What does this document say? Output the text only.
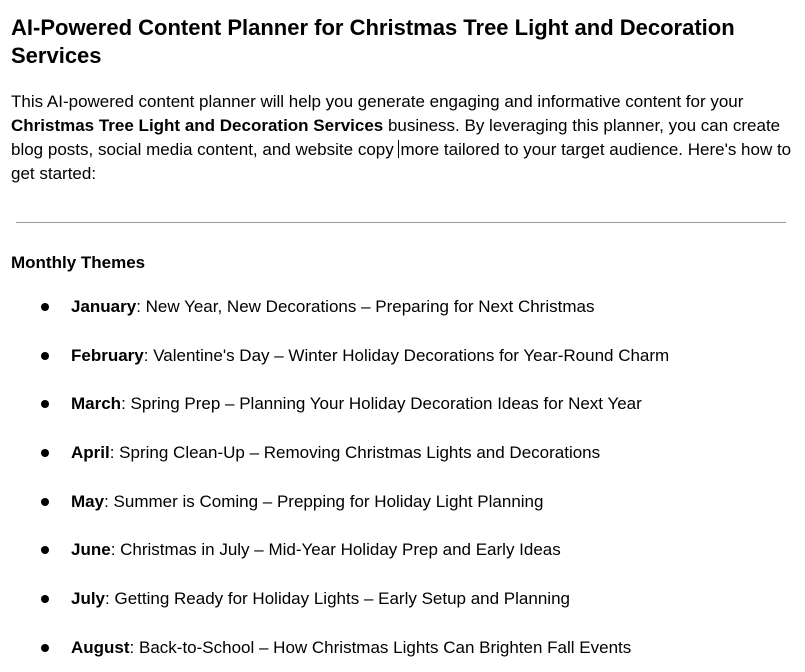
AI-Powered Content Planner for Christmas Tree Light and Decoration Services

This AI-powered content planner will help you generate engaging and informative content for your Christmas Tree Light and Decoration Services business. By leveraging this planner, you can create blog posts, social media content, and website copy more tailored to your target audience. Here's how to get started:

Monthly Themes
January: New Year, New Decorations – Preparing for Next Christmas
February: Valentine's Day – Winter Holiday Decorations for Year-Round Charm
March: Spring Prep – Planning Your Holiday Decoration Ideas for Next Year
April: Spring Clean-Up – Removing Christmas Lights and Decorations
May: Summer is Coming – Prepping for Holiday Light Planning
June: Christmas in July – Mid-Year Holiday Prep and Early Ideas
July: Getting Ready for Holiday Lights – Early Setup and Planning
August: Back-to-School – How Christmas Lights Can Brighten Fall Events
